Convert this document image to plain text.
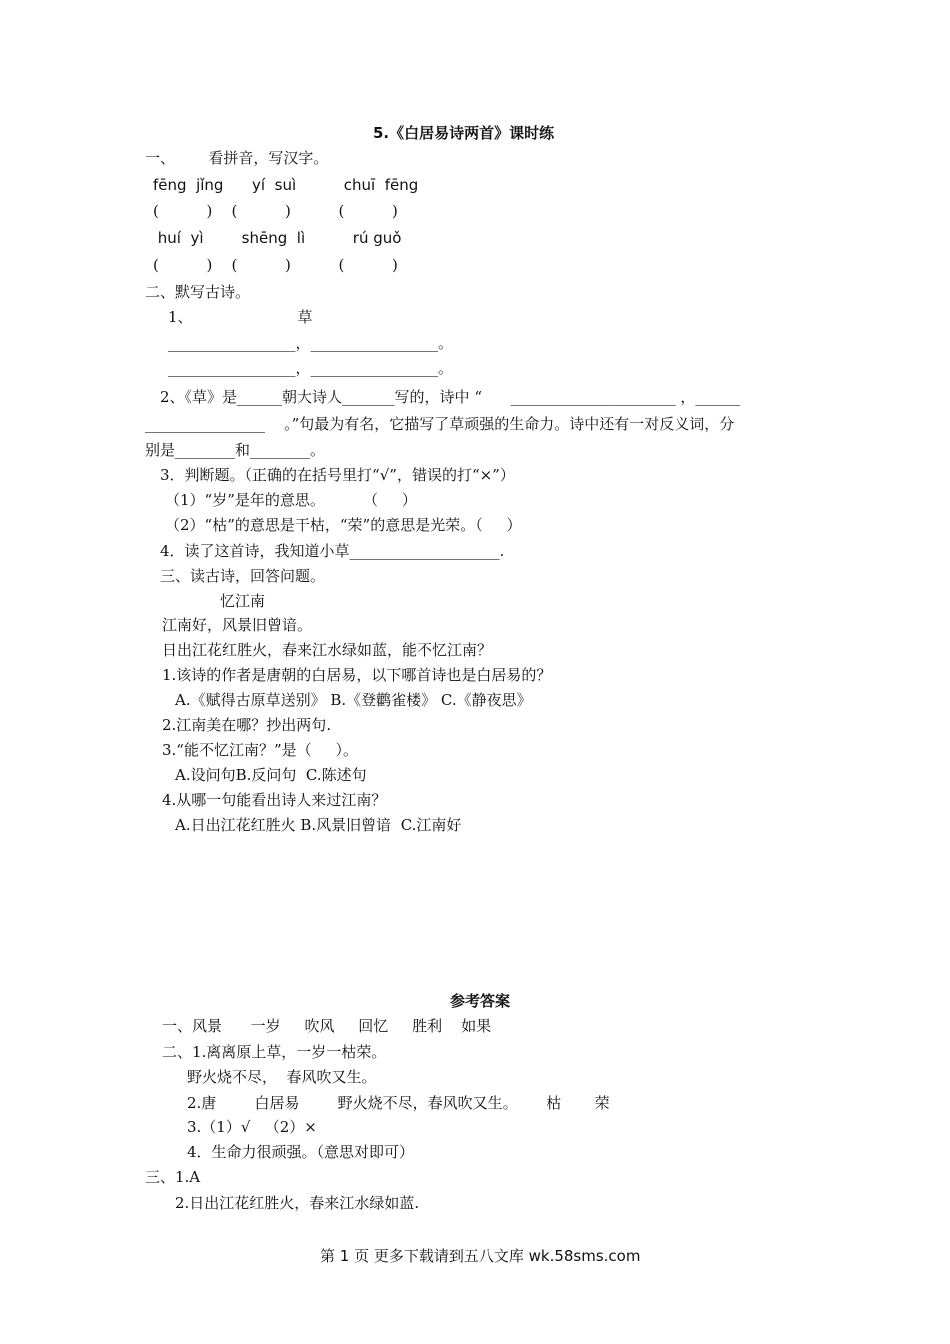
5.《白居易诗两首》课时练
一、       看拼音，写汉字。
fēng  jǐng      yí  suì          chuī  fēng
(          )    (          )          (          )
huí  yì        shēng  lì          rú guǒ
(          )    (          )          (          )
二、默写古诗。
1、                      草
_________________，_________________。
_________________，_________________。
2、《草》是______朝大诗人_______写的，诗中 “      ______________________ ，______
________________    。”句最为有名，它描写了草顽强的生命力。诗中还有一对反义词，分
别是________和________。
3．判断题。（正确的在括号里打“√”，错误的打“×”）
（1）“岁”是年的意思。        （     ）
（2）“枯”的意思是干枯，“荣”的意思是光荣。（     ）
4．读了这首诗，我知道小草____________________.
三、读古诗，回答问题。
忆江南
江南好，风景旧曾谙。
日出江花红胜火，春来江水绿如蓝，能不忆江南？
1.该诗的作者是唐朝的白居易，以下哪首诗也是白居易的？
A.《赋得古原草送别》 B.《登鹳雀楼》 C.《静夜思》
2.江南美在哪？抄出两句.
3.“能不忆江南？”是（     ）。
A.设问句B.反问句  C.陈述句
4.从哪一句能看出诗人来过江南？
A.日出江花红胜火 B.风景旧曾谙  C.江南好
参考答案
一、风景      一岁     吹风     回忆     胜利    如果
二、1.离离原上草，一岁一枯荣。
野火烧不尽，  春风吹又生。
2.唐        白居易        野火烧不尽，春风吹又生。      枯       荣
3.（1）√   （2）×
4．生命力很顽强。（意思对即可）
三、1.A
2.日出江花红胜火，春来江水绿如蓝.
第 1 页 更多下载请到五八文库 wk.58sms.com
